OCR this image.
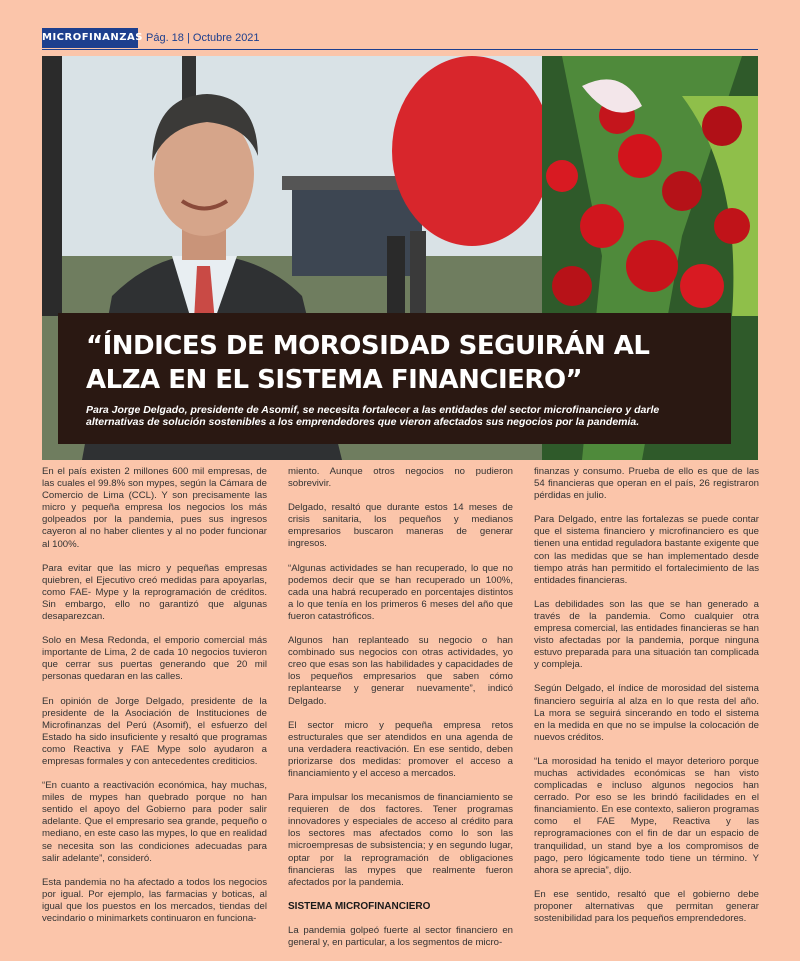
MICROFINANZAS Pág. 18 | Octubre 2021
“ÍNDICES DE MOROSIDAD SEGUIRÁN AL ALZA EN EL SISTEMA FINANCIERO”

Para Jorge Delgado, presidente de Asomif, se necesita fortalecer a las entidades del sector microfinanciero y darle alternativas de solución sostenibles a los emprendedores que vieron afectados sus negocios por la pandemia.

En el país existen 2 millones 600 mil empresas, de las cuales el 99.8% son mypes, según la Cámara de Comercio de Lima (CCL). Y son precisamente las micro y pequeña empresa los negocios los más golpeados por la pandemia, pues sus ingresos cayeron al no haber clientes y al no poder funcionar al 100%.

Para evitar que las micro y pequeñas empresas quiebren, el Ejecutivo creó medidas para apoyarlas, como FAE- Mype y la reprogramación de créditos. Sin embargo, ello no garantizó que algunas desaparezcan.

Solo en Mesa Redonda, el emporio comercial más importante de Lima, 2 de cada 10 negocios tuvieron que cerrar sus puertas generando que 20 mil personas quedaran en las calles.

En opinión de Jorge Delgado, presidente de la presidente de la Asociación de Instituciones de Microfinanzas del Perú (Asomif), el esfuerzo del Estado ha sido insuficiente y resaltó que programas como Reactiva y FAE Mype solo ayudaron a empresas formales y con antecedentes crediticios.

“En cuanto a reactivación económica, hay muchas, miles de mypes han quebrado porque no han sentido el apoyo del Gobierno para poder salir adelante. Que el empresario sea grande, pequeño o mediano, en este caso las mypes, lo que en realidad se necesita son las condiciones adecuadas para salir adelante”, consideró.

Esta pandemia no ha afectado a todos los negocios por igual. Por ejemplo, las farmacias y boticas, al igual que los puestos en los mercados, tiendas del vecindario o minimarkets continuaron en funciona-

miento. Aunque otros negocios no pudieron sobrevivir.

Delgado, resaltó que durante estos 14 meses de crisis sanitaria, los pequeños y medianos empresarios buscaron maneras de generar ingresos.

“Algunas actividades se han recuperado, lo que no podemos decir que se han recuperado un 100%, cada una habrá recuperado en porcentajes distintos a lo que tenía en los primeros 6 meses del año que fueron catastróficos.

Algunos han replanteado su negocio o han combinado sus negocios con otras actividades, yo creo que esas son las habilidades y capacidades de los pequeños empresarios que saben cómo replantearse y generar nuevamente”, indicó Delgado.

El sector micro y pequeña empresa retos estructurales que ser atendidos en una agenda de una verdadera reactivación. En ese sentido, deben priorizarse dos medidas: promover el acceso a financiamiento y el acceso a mercados.

Para impulsar los mecanismos de financiamiento se requieren de dos factores. Tener programas innovadores y especiales de acceso al crédito para los sectores mas afectados como lo son las microempresas de subsistencia; y en segundo lugar, optar por la reprogramación de obligaciones financieras las mypes que realmente fueron afectados por la pandemia.

SISTEMA MICROFINANCIERO

La pandemia golpeó fuerte al sector financiero en general y, en particular, a los segmentos de micro-

finanzas y consumo. Prueba de ello es que de las 54 financieras que operan en el país, 26 registraron pérdidas en julio.

Para Delgado, entre las fortalezas se puede contar que el sistema financiero y microfinanciero es que tienen una entidad reguladora bastante exigente que con las medidas que se han implementado desde tiempo atrás han permitido el fortalecimiento de las entidades financieras.

Las debilidades son las que se han generado a través de la pandemia. Como cualquier otra empresa comercial, las entidades financieras se han visto afectadas por la pandemia, porque ninguna estuvo preparada para una situación tan complicada y compleja.

Según Delgado, el índice de morosidad del sistema financiero seguiría al alza en lo que resta del año. La mora se seguirá sincerando en todo el sistema en la medida en que no se impulse la colocación de nuevos créditos.

“La morosidad ha tenido el mayor deterioro porque muchas actividades económicas se han visto complicadas e incluso algunos negocios han cerrado. Por eso se les brindó facilidades en el financiamiento. En ese contexto, salieron programas como el FAE Mype, Reactiva y las reprogramaciones con el fin de dar un espacio de tranquilidad, un stand bye a los compromisos de pago, pero lógicamente todo tiene un término. Y ahora se aprecia”, dijo.

En ese sentido, resaltó que el gobierno debe proponer alternativas que permitan generar sostenibilidad para los pequeños emprendedores.
